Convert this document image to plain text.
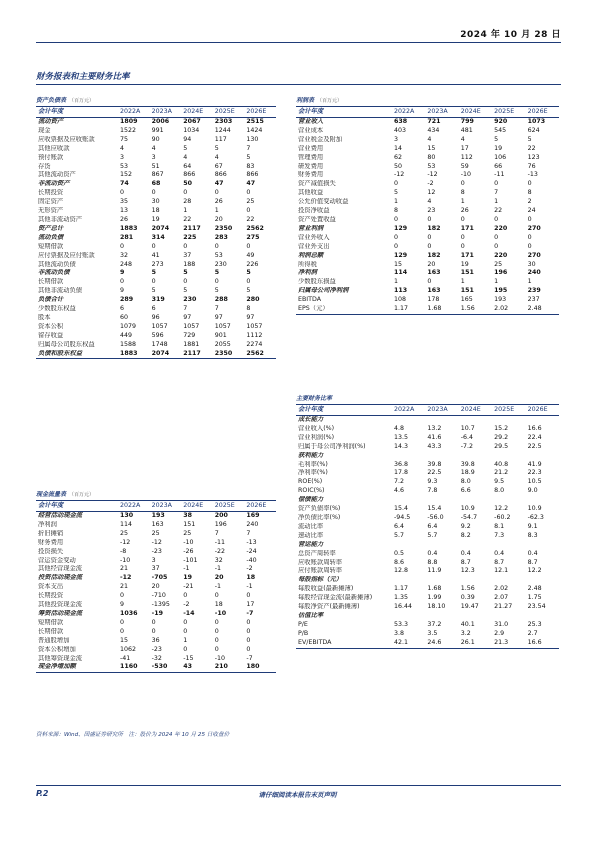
2024 年 10 月 28 日
财务报表和主要财务比率
资产负债表 （百万元）
会计年度	2022A	2023A	2024E	2025E	2026E
流动资产	1809	2006	2067	2303	2515
现金	1522	991	1034	1244	1424
应收票据及应收账款	75	90	94	117	130
其他应收款	4	4	5	5	7
预付账款	3	3	4	4	5
存货	53	51	64	67	83
其他流动资产	152	867	866	866	866
非流动资产	74	68	50	47	47
长期投资	0	0	0	0	0
固定资产	35	30	28	26	25
无形资产	13	18	1	1	0
其他非流动资产	26	19	22	20	22
资产总计	1883	2074	2117	2350	2562
流动负债	281	314	225	283	275
短期借款	0	0	0	0	0
应付票据及应付账款	32	41	37	53	49
其他流动负债	248	273	188	230	226
非流动负债	9	5	5	5	5
长期借款	0	0	0	0	0
其他非流动负债	9	5	5	5	5
负债合计	289	319	230	288	280
少数股东权益	6	6	7	7	8
股本	60	96	97	97	97
资本公积	1079	1057	1057	1057	1057
留存收益	449	596	729	901	1112
归属母公司股东权益	1588	1748	1881	2055	2274
负债和股东权益	1883	2074	2117	2350	2562
利润表 （百万元）
会计年度	2022A	2023A	2024E	2025E	2026E
营业收入	638	721	799	920	1073
营业成本	403	434	481	545	624
营业税金及附加	3	4	4	5	5
营业费用	14	15	17	19	22
管理费用	62	80	112	106	123
研发费用	50	53	59	66	76
财务费用	-12	-12	-10	-11	-13
资产减值损失	0	-2	0	0	0
其他收益	5	12	8	7	8
公允价值变动收益	1	4	1	1	2
投资净收益	8	23	26	22	24
资产处置收益	0	0	0	0	0
营业利润	129	182	171	220	270
营业外收入	0	0	0	0	0
营业外支出	0	0	0	0	0
利润总额	129	182	171	220	270
所得税	15	20	19	25	30
净利润	114	163	151	196	240
少数股东损益	1	0	1	1	1
归属母公司净利润	113	163	151	195	239
EBITDA	108	178	165	193	237
EPS（元）	1.17	1.68	1.56	2.02	2.48
主要财务比率
会计年度	2022A	2023A	2024E	2025E	2026E
成长能力					
营业收入(%)	4.8	13.2	10.7	15.2	16.6
营业利润(%)	13.5	41.6	-6.4	29.2	22.4
归属于母公司净利润(%)	14.3	43.3	-7.2	29.5	22.5
获利能力					
毛利率(%)	36.8	39.8	39.8	40.8	41.9
净利率(%)	17.8	22.5	18.9	21.2	22.3
ROE(%)	7.2	9.3	8.0	9.5	10.5
ROIC(%)	4.6	7.8	6.6	8.0	9.0
偿债能力					
资产负债率(%)	15.4	15.4	10.9	12.2	10.9
净负债比率(%)	-94.5	-56.0	-54.7	-60.2	-62.3
流动比率	6.4	6.4	9.2	8.1	9.1
速动比率	5.7	5.7	8.2	7.3	8.3
营运能力					
总资产周转率	0.5	0.4	0.4	0.4	0.4
应收账款周转率	8.6	8.8	8.7	8.7	8.7
应付账款周转率	12.8	11.9	12.3	12.1	12.2
每股指标（元）					
每股收益(最新摊薄)	1.17	1.68	1.56	2.02	2.48
每股经营现金流(最新摊薄)	1.35	1.99	0.39	2.07	1.75
每股净资产(最新摊薄)	16.44	18.10	19.47	21.27	23.54
估值比率					
P/E	53.3	37.2	40.1	31.0	25.3
P/B	3.8	3.5	3.2	2.9	2.7
EV/EBITDA	42.1	24.6	26.1	21.3	16.6
现金流量表 （百万元）
会计年度	2022A	2023A	2024E	2025E	2026E
经营活动现金流	130	193	38	200	169
净利润	114	163	151	196	240
折旧摊销	25	25	25	7	7
财务费用	-12	-12	-10	-11	-13
投资损失	-8	-23	-26	-22	-24
营运资金变动	-10	3	-101	32	-40
其他经营现金流	21	37	-1	-1	-2
投资活动现金流	-12	-705	19	20	18
资本支出	21	20	-21	-1	-1
长期投资	0	-710	0	0	0
其他投资现金流	9	-1395	-2	18	17
筹资活动现金流	1036	-19	-14	-10	-7
短期借款	0	0	0	0	0
长期借款	0	0	0	0	0
普通股增加	15	36	1	0	0
资本公积增加	1062	-23	0	0	0
其他筹资现金流	-41	-32	-15	-10	-7
现金净增加额	1160	-530	43	210	180
资料来源：Wind、国盛证券研究所　注：股价为 2024 年 10 月 25 日收盘价
P.2	请仔细阅读本报告末页声明
